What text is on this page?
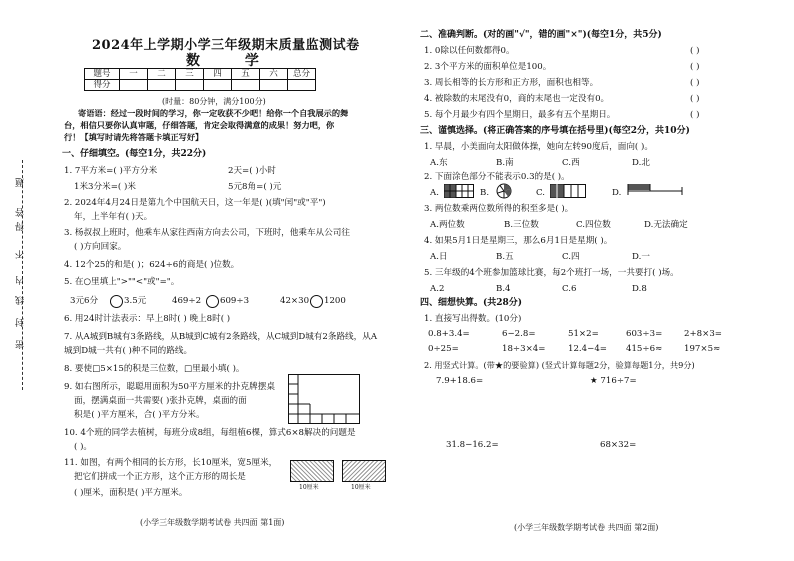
题
答
得
不
内
线
封
密
2024年上学期小学三年级期末质量监测试卷
数 学
题号	一	二	三	四	五	六	总分
得分							
(时量：80分钟，满分100分)
寄语语：经过一段时间的学习，你一定收获不少吧！给你一个自我展示的舞
台，相信只要你认真审题，仔细答题，肯定会取得满意的成果！努力吧，你
行！【填写时请先将答题卡填正写好】
一、仔细填空。(每空1分，共22分)
1. 7平方米=( )平方分米	2天=( )小时
1米3分米=( )米	5元8角=( )元
2. 2024年4月24日是第九个中国航天日，这一年是( )(填"闰"或"平")
年，上半年有( )天。
3. 杨叔叔上班时，他乘车从家往西南方向去公司，下班时，他乘车从公司往
( )方向回家。
4. 12个25的和是( )；624÷6的商是( )位数。
5. 在○里填上">""<"或"="。
3元6分	3.5元	469÷2 609÷3	42×30 1200
6. 用24时计法表示：早上8时( ) 晚上8时( )
7. 从A城到B城有3条路线，从B城到C城有2条路线，从C城到D城有2条路线，从A
城到D城一共有( )种不同的路线。
8. 要使□5×15的积是三位数，□里最小填( )。
9. 如右图所示，聪聪用面积为50平方厘米的扑克牌摆桌
面，摆满桌面一共需要( )张扑克牌，桌面的面
积是( )平方厘米，合( )平方分米。
10. 4个班的同学去植树，每班分成8组，每组植6棵，算式6×8解决的问题是
( )。
11. 如图，有两个相同的长方形，长10厘米，宽5厘米，
把它们拼成一个正方形，这个正方形的周长是
( )厘米，面积是( )平方厘米。
10厘米	10厘米
(小学三年级数学期考试卷 共四面 第1面)
二、准确判断。(对的画"√"，错的画"×")(每空1分，共5分)
1. 0除以任何数都得0。	( )
2. 3个平方米的面积单位是100。	( )
3. 周长相等的长方形和正方形，面积也相等。	( )
4. 被除数的末尾没有0，商的末尾也一定没有0。	( )
5. 每个月最少有四个星期日，最多有五个星期日。	( )
三、谨慎选择。(将正确答案的序号填在括号里)(每空2分，共10分)
1. 早晨，小美面向太阳做体操，她向左转90度后，面向( )。
A.东	B.南	C.西	D.北
2. 下面涂色部分不能表示0.3的是( )。
A.	B.	C.	D.
3. 两位数乘两位数所得的积至多是( )。
A.两位数	B.三位数	C.四位数	D.无法确定
4. 如果5月1日是星期三，那么6月1日是星期( )。
A.日	B.五	C.四	D.一
5. 三年级的4个班参加篮球比赛，每2个班打一场，一共要打( )场。
A.2	B.4	C.6	D.8
四、细想快算。(共28分)
1. 直接写出得数。(10分)
0.8+3.4=	6−2.8=	51×2=	603÷3=	2+8×3=
0÷25=	18÷3×4=	12.4−4= 415÷6≈	197×5≈
2. 用竖式计算。(带★的要验算) (竖式计算每题2分，验算每题1分，共9分)
7.9+18.6=	★ 716÷7=
31.8−16.2=	68×32=
(小学三年级数学期考试卷 共四面 第2面)
